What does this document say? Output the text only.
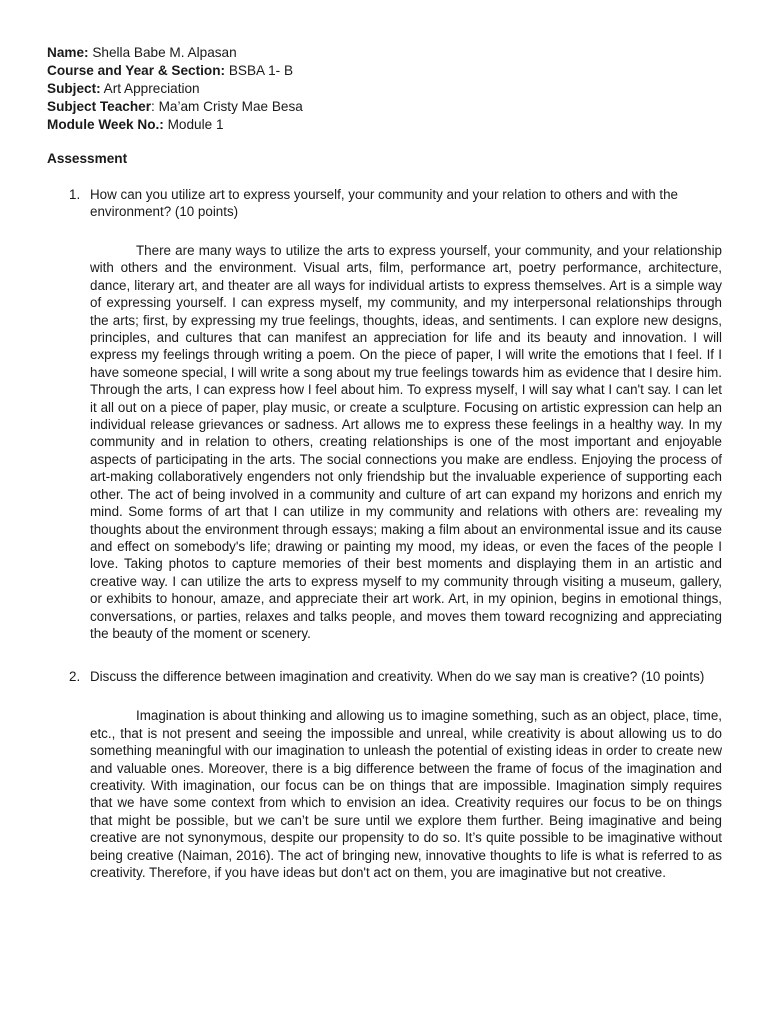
Name: Shella Babe M. Alpasan
Course and Year & Section: BSBA 1- B
Subject: Art Appreciation
Subject Teacher: Ma’am Cristy Mae Besa
Module Week No.: Module 1
Assessment
1. How can you utilize art to express yourself, your community and your relation to others and with the environment? (10 points)
There are many ways to utilize the arts to express yourself, your community, and your relationship with others and the environment. Visual arts, film, performance art, poetry performance, architecture, dance, literary art, and theater are all ways for individual artists to express themselves. Art is a simple way of expressing yourself. I can express myself, my community, and my interpersonal relationships through the arts; first, by expressing my true feelings, thoughts, ideas, and sentiments. I can explore new designs, principles, and cultures that can manifest an appreciation for life and its beauty and innovation. I will express my feelings through writing a poem. On the piece of paper, I will write the emotions that I feel. If I have someone special, I will write a song about my true feelings towards him as evidence that I desire him. Through the arts, I can express how I feel about him. To express myself, I will say what I can't say. I can let it all out on a piece of paper, play music, or create a sculpture. Focusing on artistic expression can help an individual release grievances or sadness. Art allows me to express these feelings in a healthy way. In my community and in relation to others, creating relationships is one of the most important and enjoyable aspects of participating in the arts. The social connections you make are endless. Enjoying the process of art-making collaboratively engenders not only friendship but the invaluable experience of supporting each other. The act of being involved in a community and culture of art can expand my horizons and enrich my mind. Some forms of art that I can utilize in my community and relations with others are: revealing my thoughts about the environment through essays; making a film about an environmental issue and its cause and effect on somebody's life; drawing or painting my mood, my ideas, or even the faces of the people I love. Taking photos to capture memories of their best moments and displaying them in an artistic and creative way. I can utilize the arts to express myself to my community through visiting a museum, gallery, or exhibits to honour, amaze, and appreciate their art work. Art, in my opinion, begins in emotional things, conversations, or parties, relaxes and talks people, and moves them toward recognizing and appreciating the beauty of the moment or scenery.
2. Discuss the difference between imagination and creativity. When do we say man is creative? (10 points)
Imagination is about thinking and allowing us to imagine something, such as an object, place, time, etc., that is not present and seeing the impossible and unreal, while creativity is about allowing us to do something meaningful with our imagination to unleash the potential of existing ideas in order to create new and valuable ones. Moreover, there is a big difference between the frame of focus of the imagination and creativity. With imagination, our focus can be on things that are impossible. Imagination simply requires that we have some context from which to envision an idea. Creativity requires our focus to be on things that might be possible, but we can’t be sure until we explore them further. Being imaginative and being creative are not synonymous, despite our propensity to do so. It’s quite possible to be imaginative without being creative (Naiman, 2016). The act of bringing new, innovative thoughts to life is what is referred to as creativity. Therefore, if you have ideas but don't act on them, you are imaginative but not creative.
